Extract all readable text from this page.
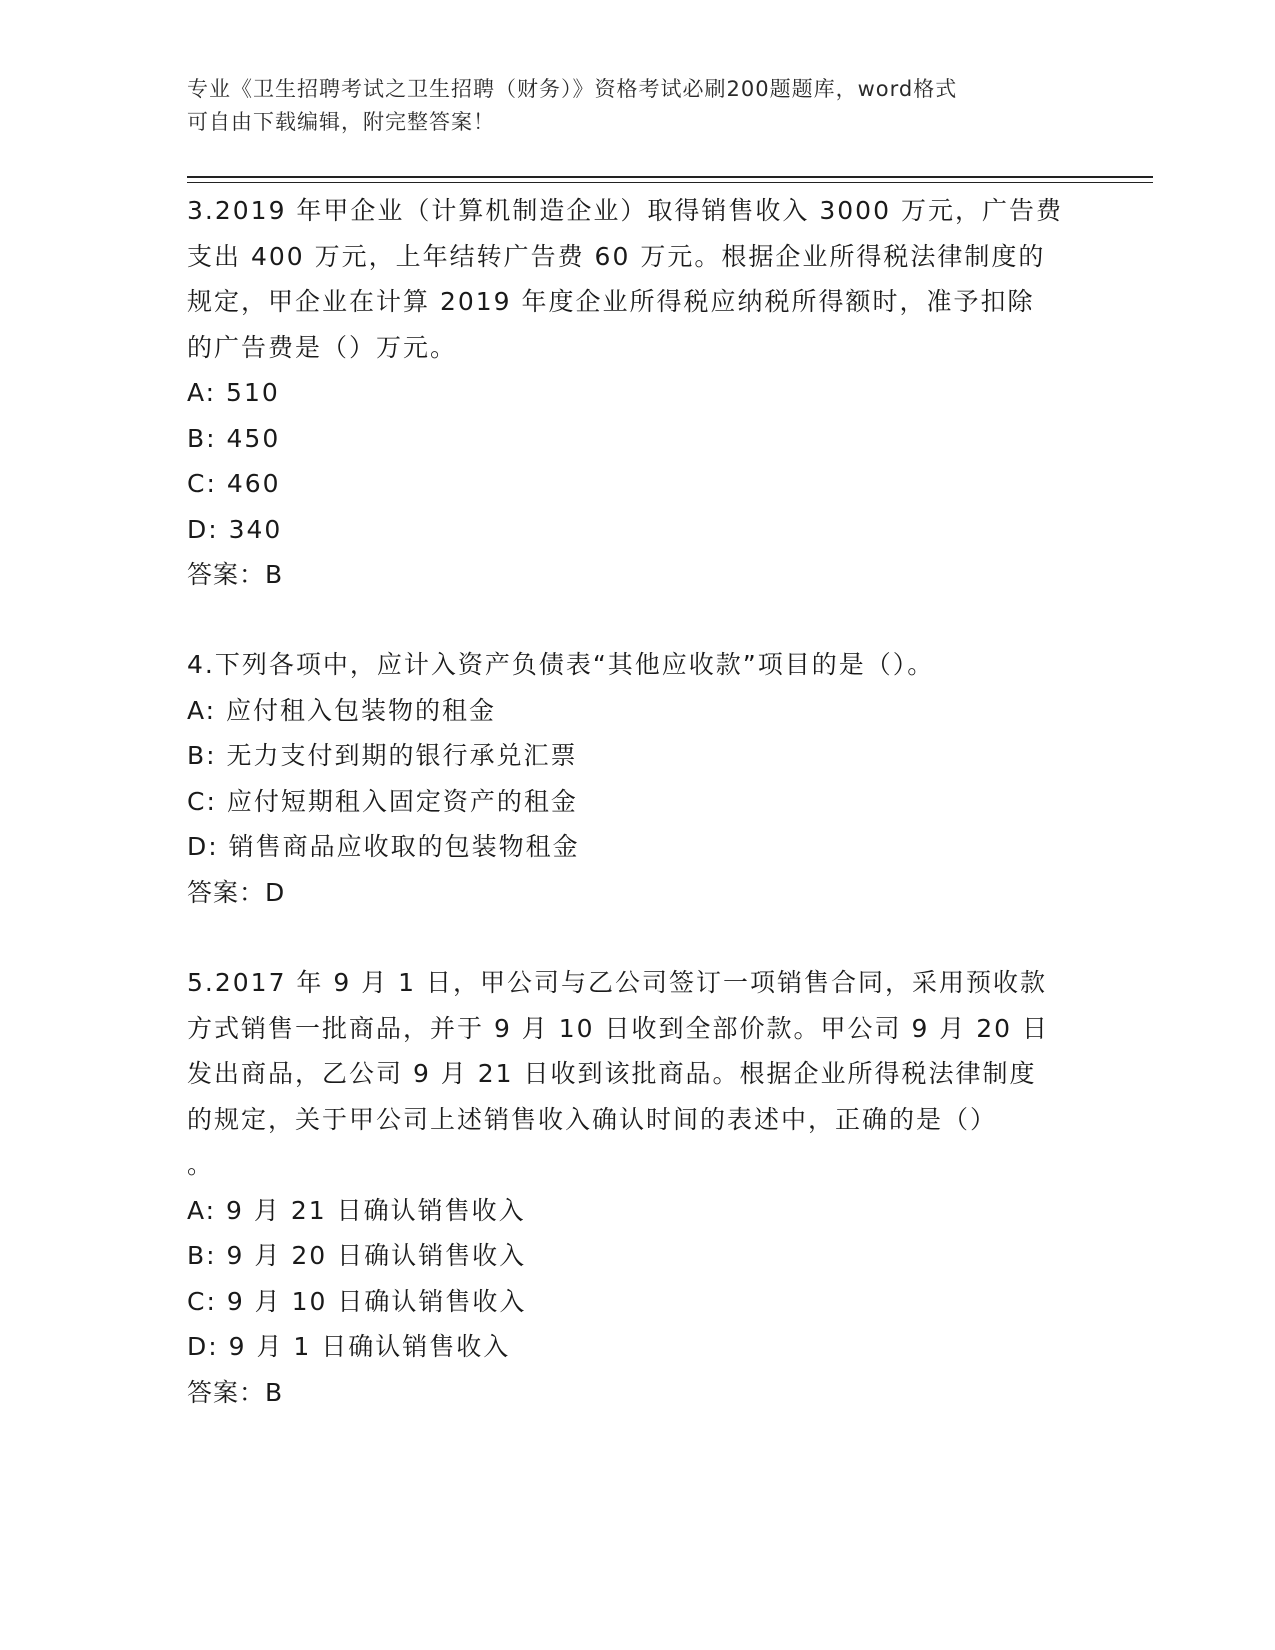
专业《卫生招聘考试之卫生招聘（财务）》资格考试必刷200题题库，word格式
可自由下载编辑，附完整答案！
3.2019 年甲企业（计算机制造企业）取得销售收入 3000 万元，广告费
支出 400 万元，上年结转广告费 60 万元。根据企业所得税法律制度的
规定，甲企业在计算 2019 年度企业所得税应纳税所得额时，准予扣除
的广告费是（）万元。
A: 510
B: 450
C: 460
D: 340
答案：B
4.下列各项中，应计入资产负债表“其他应收款”项目的是（）。
A: 应付租入包装物的租金
B: 无力支付到期的银行承兑汇票
C: 应付短期租入固定资产的租金
D: 销售商品应收取的包装物租金
答案：D
5.2017 年 9 月 1 日，甲公司与乙公司签订一项销售合同，采用预收款
方式销售一批商品，并于 9 月 10 日收到全部价款。甲公司 9 月 20 日
发出商品，乙公司 9 月 21 日收到该批商品。根据企业所得税法律制度
的规定，关于甲公司上述销售收入确认时间的表述中，正确的是（）
。
A: 9 月 21 日确认销售收入
B: 9 月 20 日确认销售收入
C: 9 月 10 日确认销售收入
D: 9 月 1 日确认销售收入
答案：B
